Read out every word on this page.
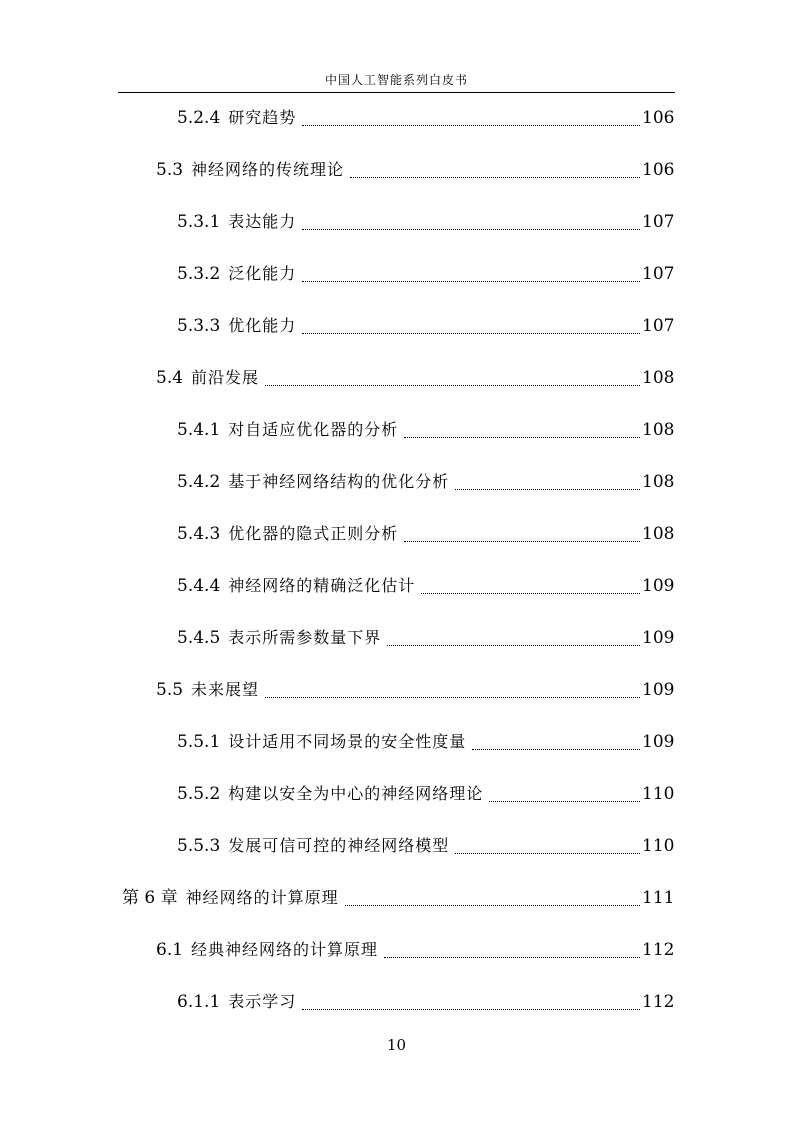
中国人工智能系列白皮书
5.2.4 研究趋势	106
5.3 神经网络的传统理论	106
5.3.1 表达能力	107
5.3.2 泛化能力	107
5.3.3 优化能力	107
5.4 前沿发展	108
5.4.1 对自适应优化器的分析	108
5.4.2 基于神经网络结构的优化分析	108
5.4.3 优化器的隐式正则分析	108
5.4.4 神经网络的精确泛化估计	109
5.4.5 表示所需参数量下界	109
5.5 未来展望	109
5.5.1 设计适用不同场景的安全性度量	109
5.5.2 构建以安全为中心的神经网络理论	110
5.5.3 发展可信可控的神经网络模型	110
第 6 章 神经网络的计算原理	111
6.1 经典神经网络的计算原理	112
6.1.1 表示学习	112
10
